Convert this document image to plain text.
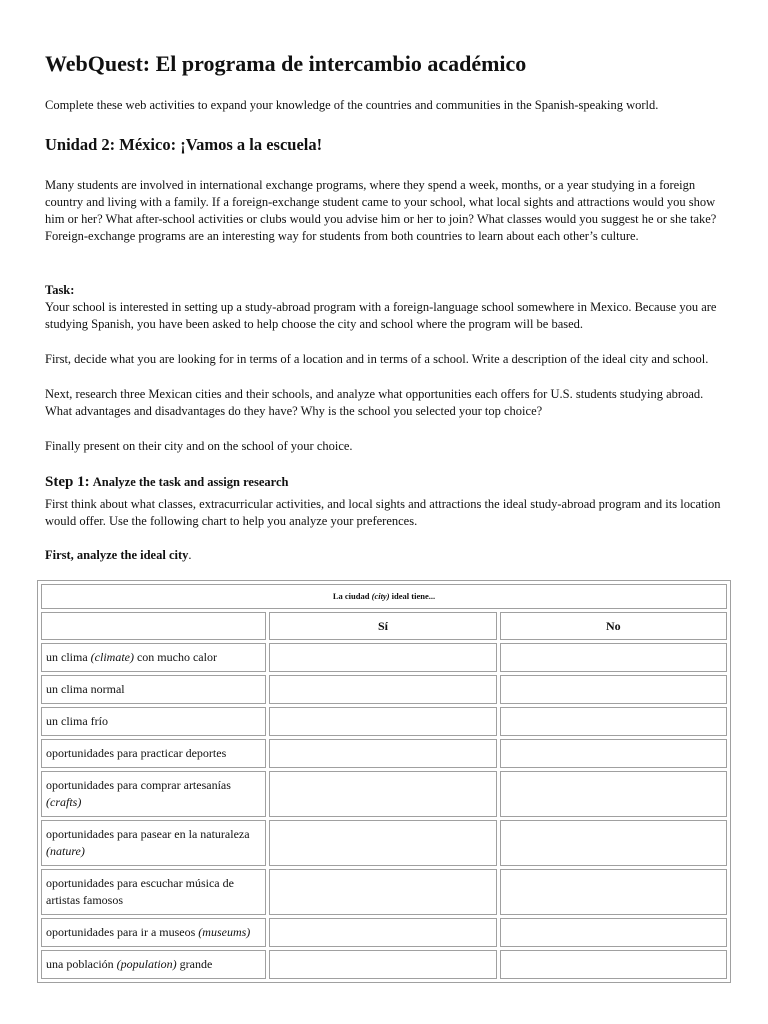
WebQuest: El programa de intercambio académico

Complete these web activities to expand your knowledge of the countries and communities in the Spanish-speaking world.

Unidad 2: México: ¡Vamos a la escuela!

Many students are involved in international exchange programs, where they spend a week, months, or a year studying in a foreign country and living with a family. If a foreign-exchange student came to your school, what local sights and attractions would you show him or her? What after-school activities or clubs would you advise him or her to join? What classes would you suggest he or she take? Foreign-exchange programs are an interesting way for students from both countries to learn about each other’s culture.

Task:

Your school is interested in setting up a study-abroad program with a foreign-language school somewhere in Mexico. Because you are studying Spanish, you have been asked to help choose the city and school where the program will be based.

First, decide what you are looking for in terms of a location and in terms of a school. Write a description of the ideal city and school.

Next, research three Mexican cities and their schools, and analyze what opportunities each offers for U.S. students studying abroad. What advantages and disadvantages do they have? Why is the school you selected your top choice?

Finally present on their city and on the school of your choice.

Step 1: Analyze the task and assign research

First think about what classes, extracurricular activities, and local sights and attractions the ideal study-abroad program and its location would offer. Use the following chart to help you analyze your preferences.

First, analyze the ideal city.

La ciudad (city) ideal tiene...		
	Sí	No
un clima (climate) con mucho calor		
un clima normal		
un clima frío		
oportunidades para practicar deportes		
oportunidades para comprar artesanías (crafts)		
oportunidades para pasear en la naturaleza (nature)		
oportunidades para escuchar música de artistas famosos		
oportunidades para ir a museos (museums)		
una población (population) grande		
